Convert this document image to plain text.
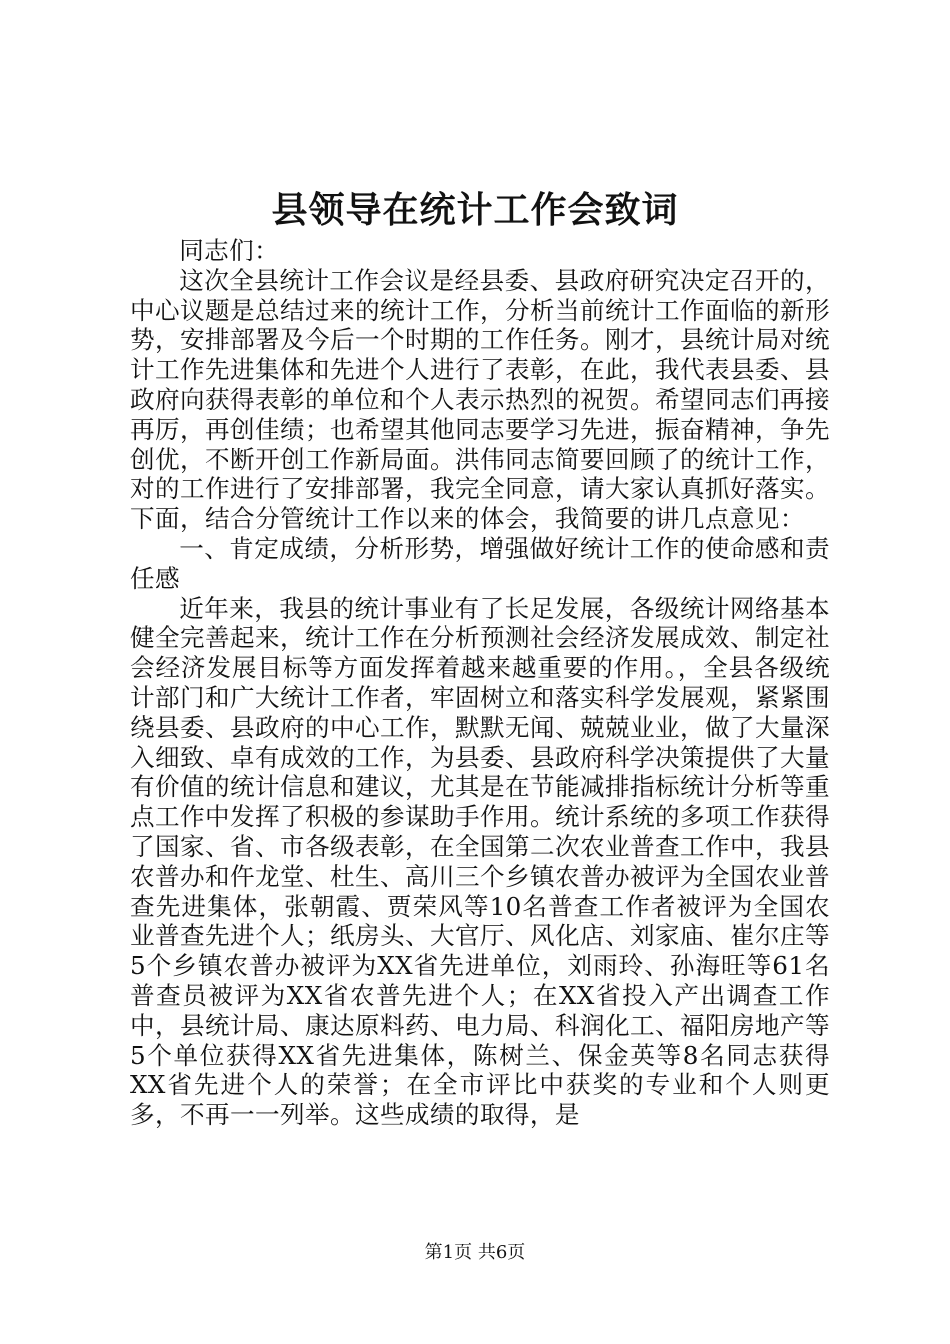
县领导在统计工作会致词

同志们：

这次全县统计工作会议是经县委、县政府研究决定召开的，中心议题是总结过来的统计工作，分析当前统计工作面临的新形势，安排部署及今后一个时期的工作任务。刚才，县统计局对统计工作先进集体和先进个人进行了表彰，在此，我代表县委、县政府向获得表彰的单位和个人表示热烈的祝贺。希望同志们再接再厉，再创佳绩；也希望其他同志要学习先进，振奋精神，争先创优，不断开创工作新局面。洪伟同志简要回顾了的统计工作，对的工作进行了安排部署，我完全同意，请大家认真抓好落实。下面，结合分管统计工作以来的体会，我简要的讲几点意见：

一、肯定成绩，分析形势，增强做好统计工作的使命感和责任感

近年来，我县的统计事业有了长足发展，各级统计网络基本健全完善起来，统计工作在分析预测社会经济发展成效、制定社会经济发展目标等方面发挥着越来越重要的作用。，全县各级统计部门和广大统计工作者，牢固树立和落实科学发展观，紧紧围绕县委、县政府的中心工作，默默无闻、兢兢业业，做了大量深入细致、卓有成效的工作，为县委、县政府科学决策提供了大量有价值的统计信息和建议，尤其是在节能减排指标统计分析等重点工作中发挥了积极的参谋助手作用。统计系统的多项工作获得了国家、省、市各级表彰，在全国第二次农业普查工作中，我县农普办和仵龙堂、杜生、高川三个乡镇农普办被评为全国农业普查先进集体，张朝霞、贾荣风等10名普查工作者被评为全国农业普查先进个人；纸房头、大官厅、风化店、刘家庙、崔尔庄等5个乡镇农普办被评为XX省先进单位，刘雨玲、孙海旺等61名普查员被评为XX省农普先进个人；在XX省投入产出调查工作中，县统计局、康达原料药、电力局、科润化工、福阳房地产等5个单位获得XX省先进集体，陈树兰、保金英等8名同志获得XX省先进个人的荣誉；在全市评比中获奖的专业和个人则更多，不再一一列举。这些成绩的取得，是

第1页 共6页
